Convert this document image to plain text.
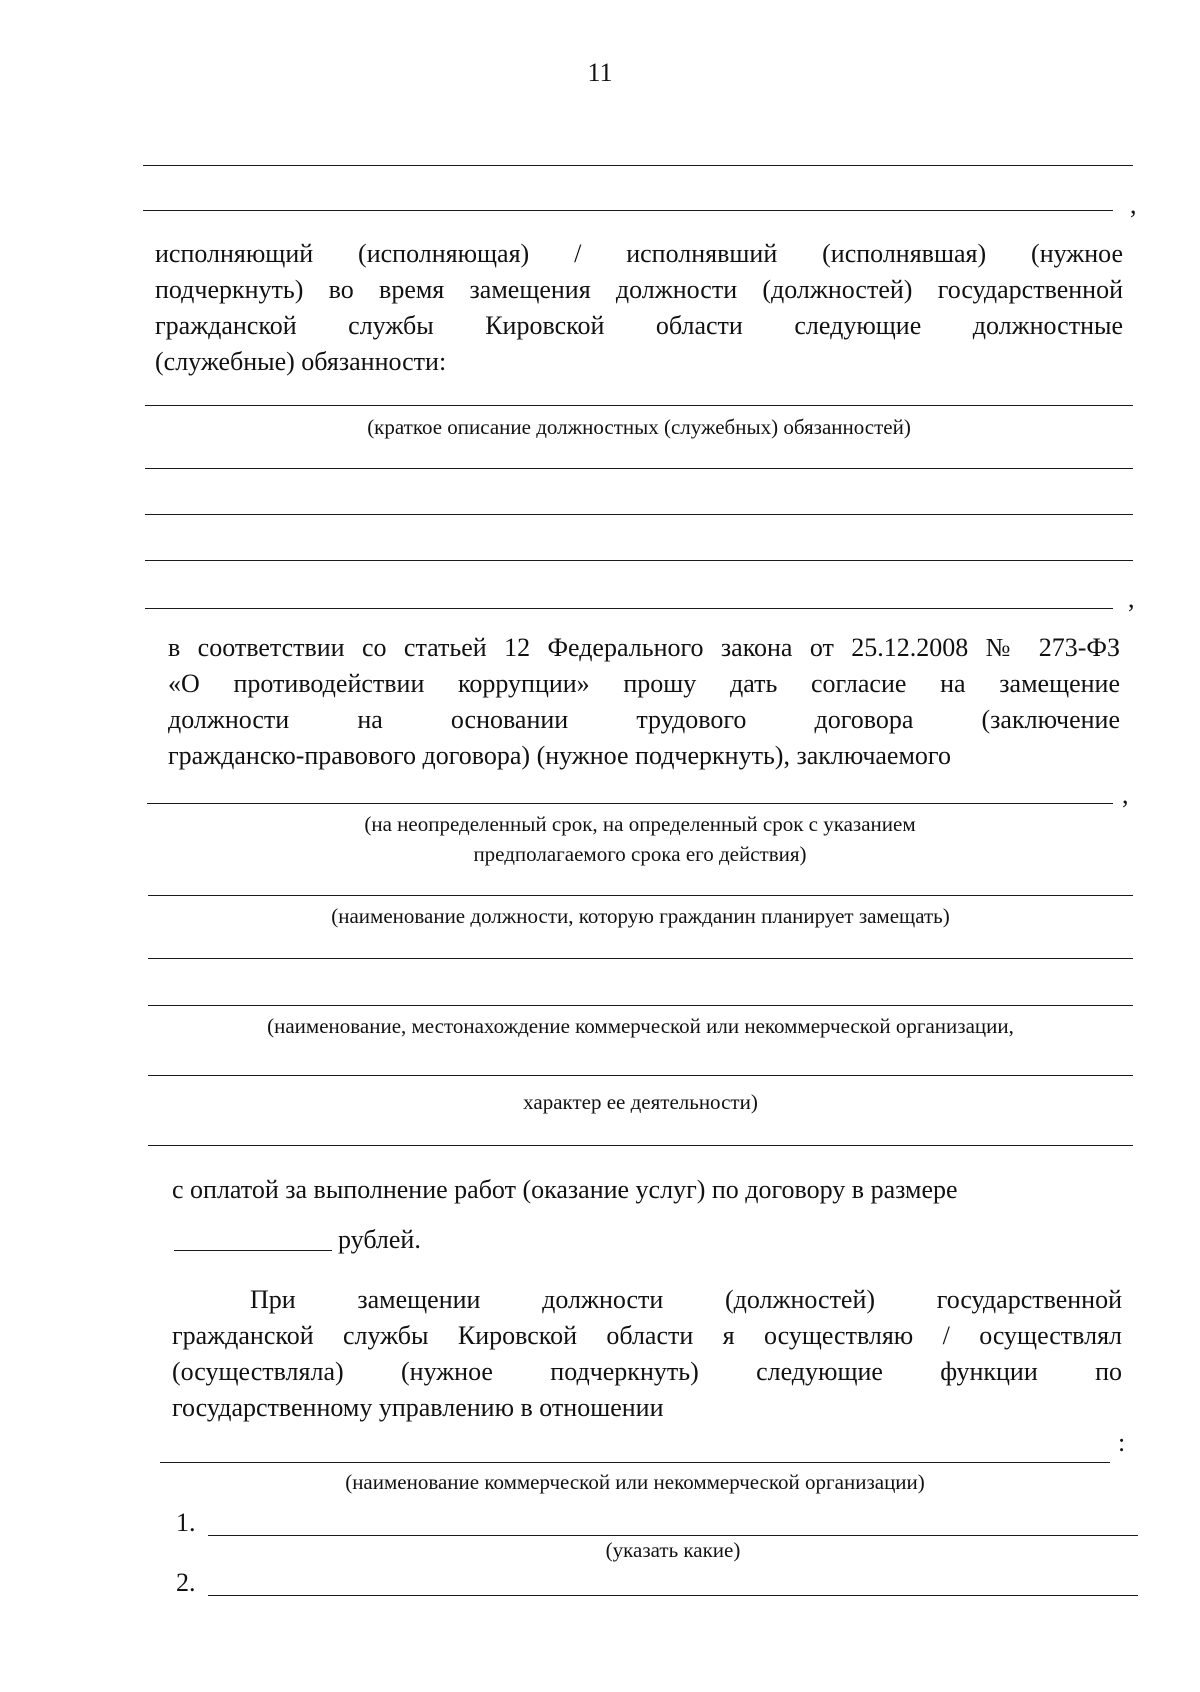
11
,
исполняющий (исполняющая) / исполнявший (исполнявшая) (нужное
подчеркнуть) во время замещения должности (должностей) государственной
гражданской службы Кировской области следующие должностные
(служебные) обязанности:
(краткое описание должностных (служебных) обязанностей)
,
в соответствии со статьей 12 Федерального закона от 25.12.2008 № 273-ФЗ
«О противодействии коррупции» прошу дать согласие на замещение
должности на основании трудового договора (заключение
гражданско-правового договора) (нужное подчеркнуть), заключаемого
,
(на неопределенный срок, на определенный срок с указанием
предполагаемого срока его действия)
(наименование должности, которую гражданин планирует замещать)
(наименование, местонахождение коммерческой или некоммерческой организации,
характер ее деятельности)
с оплатой за выполнение работ (оказание услуг) по договору в размере
рублей.
При замещении должности (должностей) государственной
гражданской службы Кировской области я осуществляю / осуществлял
(осуществляла) (нужное подчеркнуть) следующие функции по
государственному управлению в отношении
:
(наименование коммерческой или некоммерческой организации)
1.
(указать какие)
2.
